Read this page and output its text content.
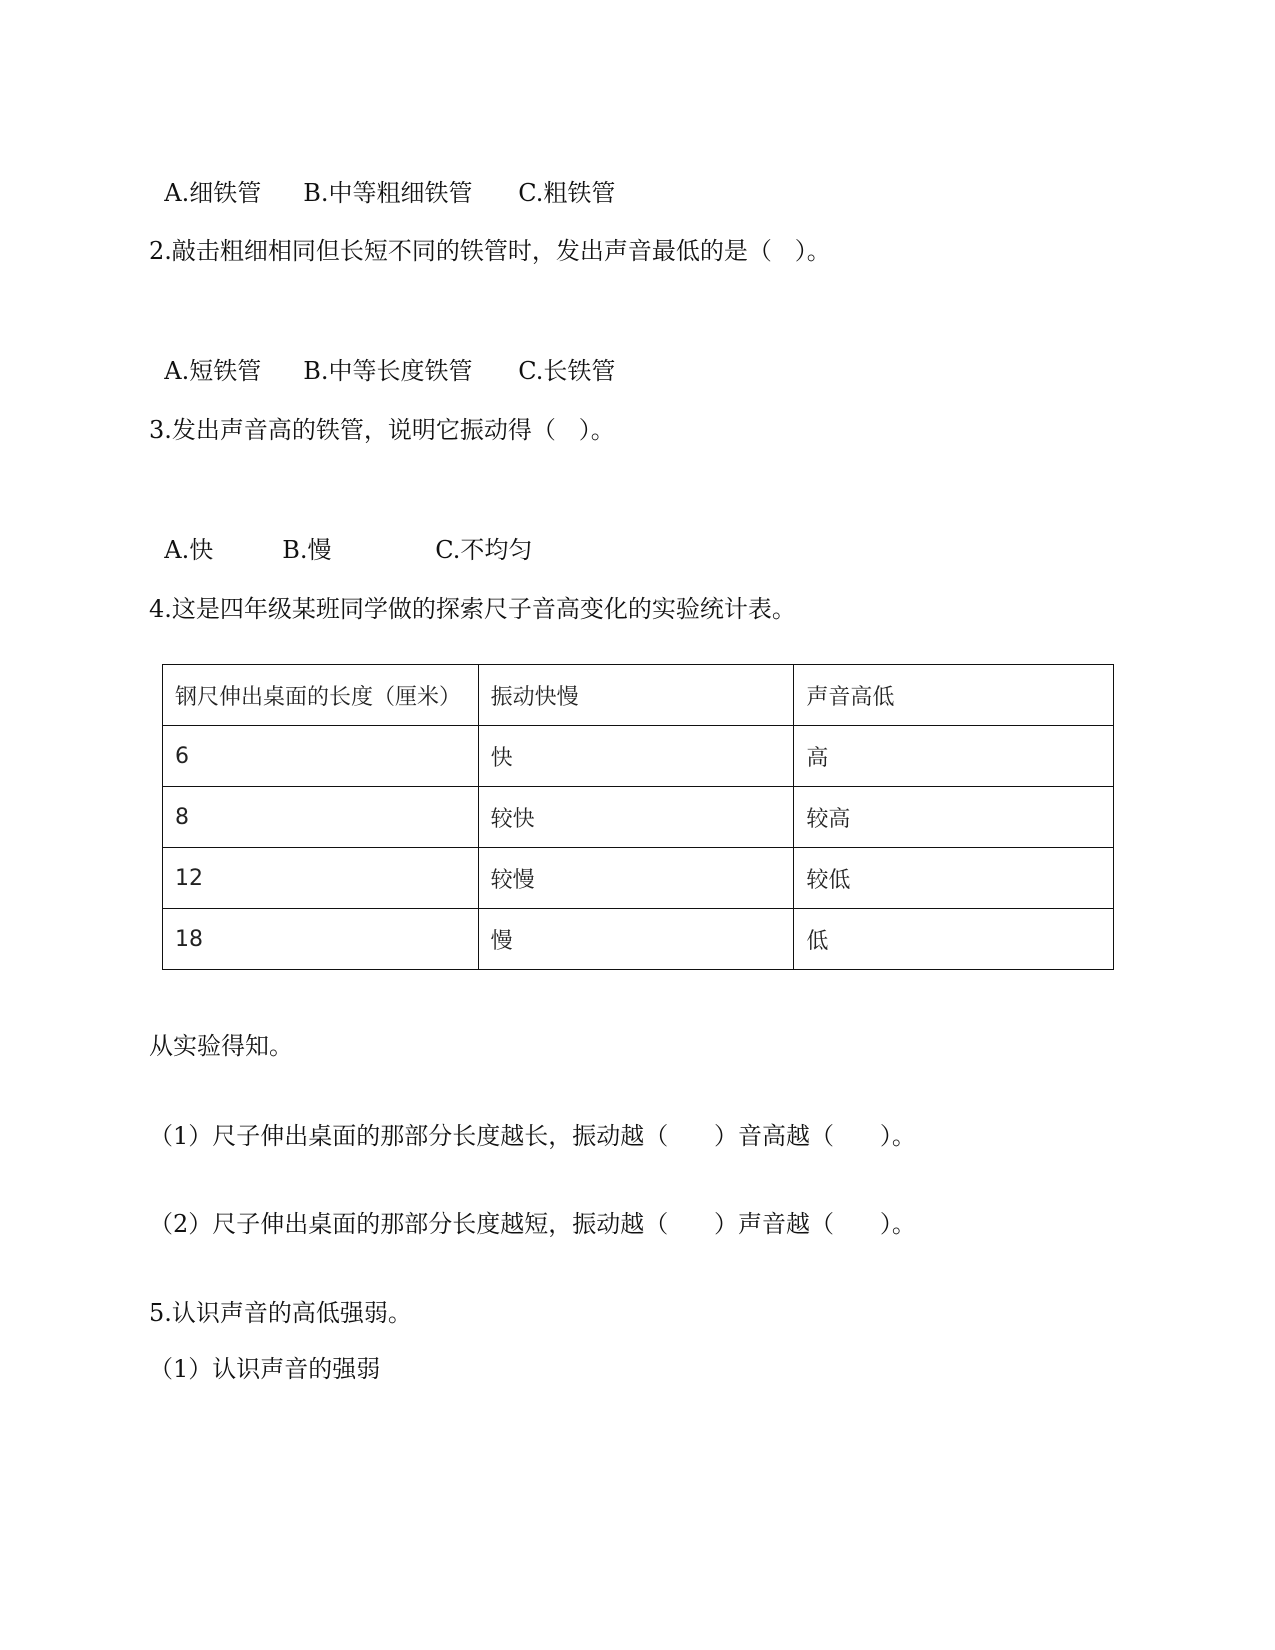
A.细铁管 B.中等粗细铁管 C.粗铁管

2.敲击粗细相同但长短不同的铁管时，发出声音最低的是（   ）。

A.短铁管 B.中等长度铁管 C.长铁管

3.发出声音高的铁管，说明它振动得（   ）。

A.快	B.慢	C.不均匀

4.这是四年级某班同学做的探索尺子音高变化的实验统计表。
钢尺伸出桌面的长度（厘米）	振动快慢	声音高低
6	快	高
8	较快	较高
12	较慢	较低
18	慢	低
从实验得知。
（1）尺子伸出桌面的那部分长度越长，振动越（      ）音高越（      ）。
（2）尺子伸出桌面的那部分长度越短，振动越（      ）声音越（      ）。
5.认识声音的高低强弱。
（1）认识声音的强弱
